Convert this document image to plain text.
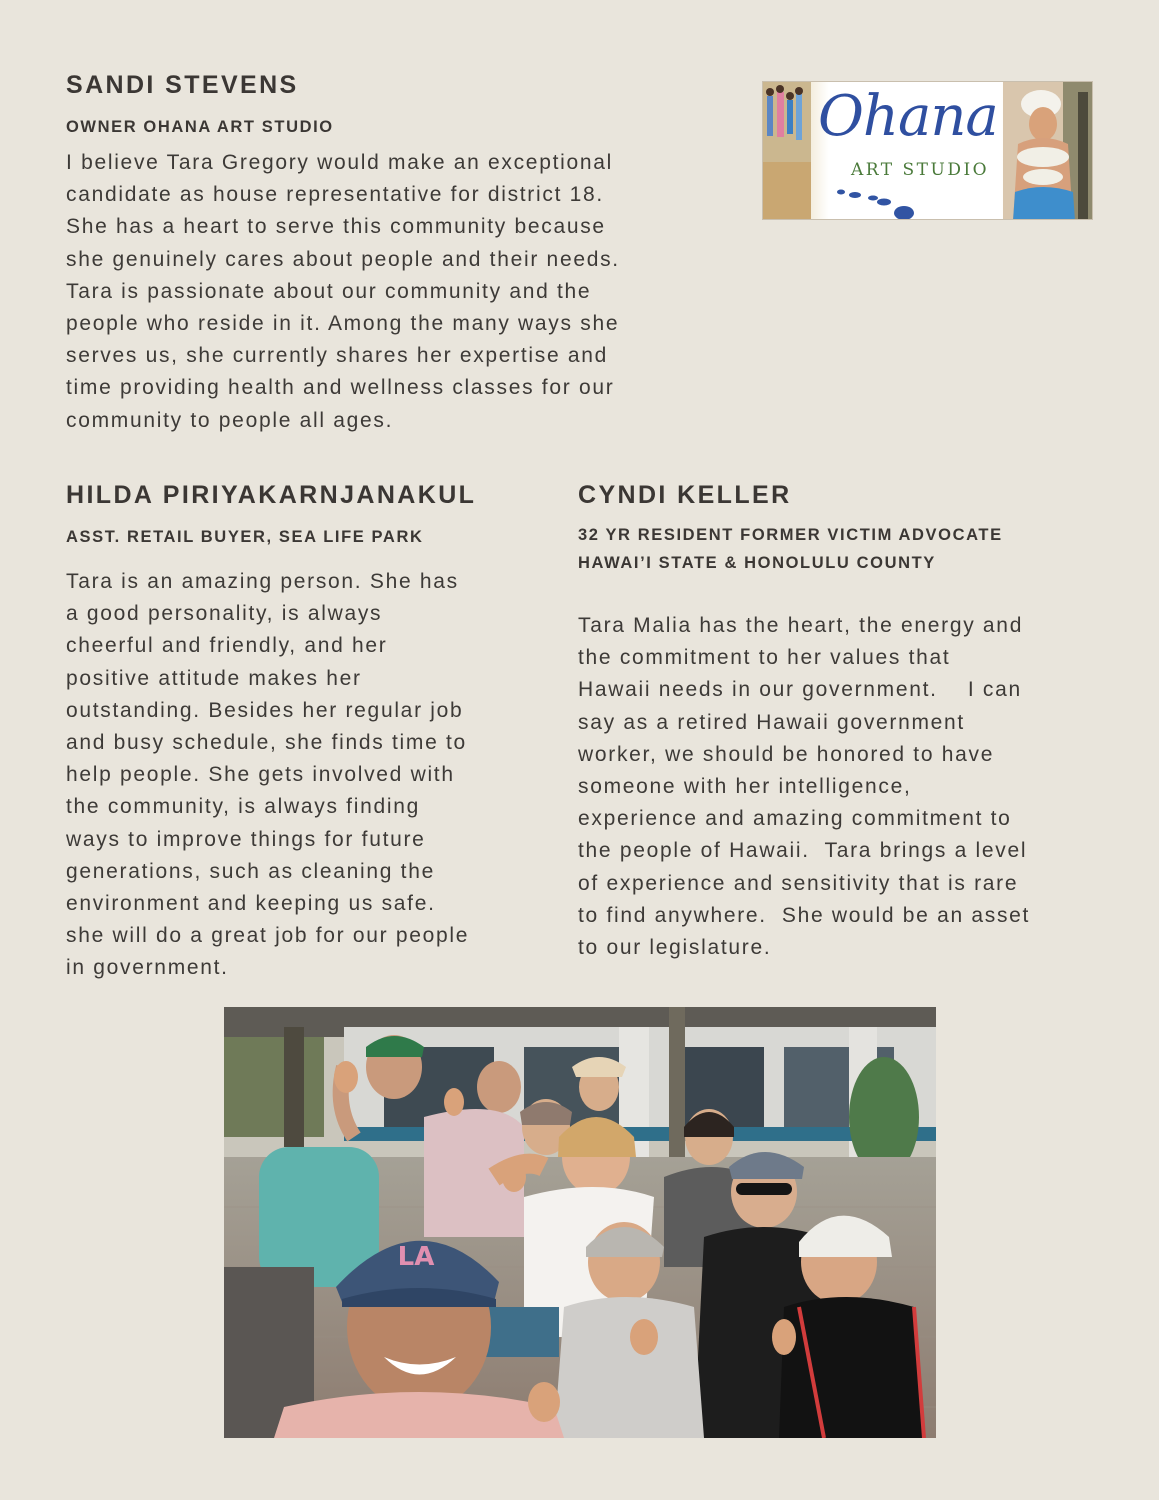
SANDI STEVENS
OWNER OHANA ART STUDIO
I believe Tara Gregory would make an exceptional
candidate as house representative for district 18.
She has a heart to serve this community because
she genuinely cares about people and their needs.
Tara is passionate about our community and the
people who reside in it. Among the many ways she
serves us, she currently shares her expertise and
time providing health and wellness classes for our
community to people all ages.
Ohana
ART STUDIO
HILDA PIRIYAKARNJANAKUL
ASST. RETAIL BUYER, SEA LIFE PARK
Tara is an amazing person. She has
a good personality, is always
cheerful and friendly, and her
positive attitude makes her
outstanding. Besides her regular job
and busy schedule, she finds time to
help people. She gets involved with
the community, is always finding
ways to improve things for future
generations, such as cleaning the
environment and keeping us safe.
she will do a great job for our people
in government.
CYNDI KELLER
32 YR RESIDENT FORMER VICTIM ADVOCATE
HAWAI’I STATE & HONOLULU COUNTY
Tara Malia has the heart, the energy and
the commitment to her values that
Hawaii needs in our government.    I can
say as a retired Hawaii government
worker, we should be honored to have
someone with her intelligence,
experience and amazing commitment to
the people of Hawaii.  Tara brings a level
of experience and sensitivity that is rare
to find anywhere.  She would be an asset
to our legislature.
LA
